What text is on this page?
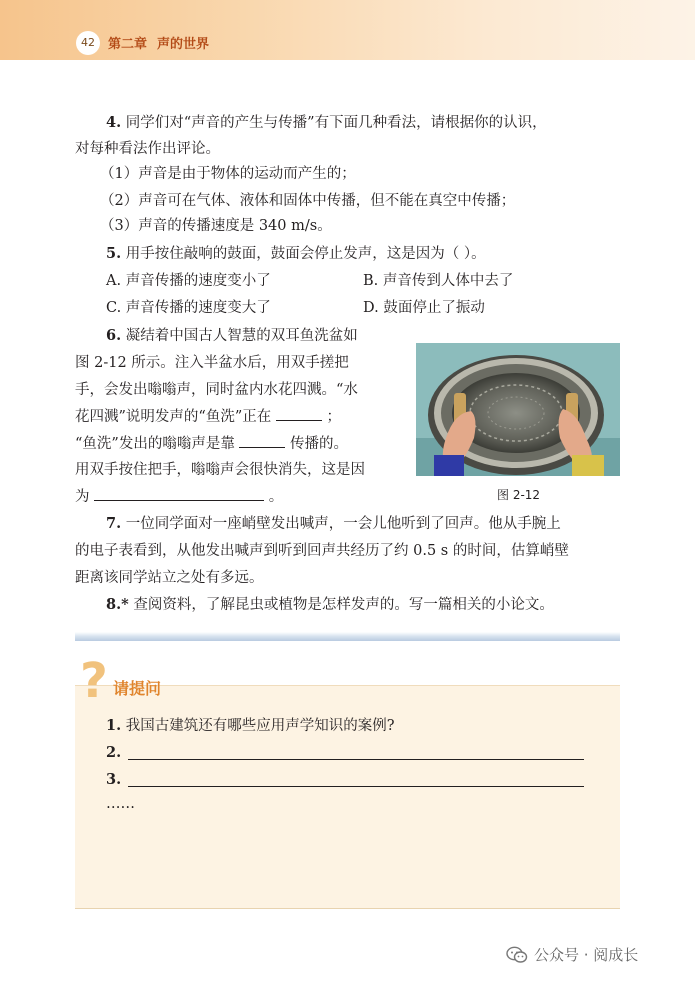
42	第二章 声的世界
4. 同学们对“声音的产生与传播”有下面几种看法，请根据你的认识，
对每种看法作出评论。
（1）声音是由于物体的运动而产生的；
（2）声音可在气体、液体和固体中传播，但不能在真空中传播；
（3）声音的传播速度是 340 m/s。
5. 用手按住敲响的鼓面，鼓面会停止发声，这是因为（ ）。
A. 声音传播的速度变小了	B. 声音传到人体中去了
C. 声音传播的速度变大了	D. 鼓面停止了振动
6. 凝结着中国古人智慧的双耳鱼洗盆如
图 2-12 所示。注入半盆水后，用双手搓把
手，会发出嗡嗡声，同时盆内水花四溅。“水
花四溅”说明发声的“鱼洗”正在	；
“鱼洗”发出的嗡嗡声是靠	传播的。
用双手按住把手，嗡嗡声会很快消失，这是因
为	。	图 2-12
7. 一位同学面对一座峭壁发出喊声，一会儿他听到了回声。他从手腕上
的电子表看到，从他发出喊声到听到回声共经历了约 0.5 s 的时间，估算峭壁
距离该同学站立之处有多远。
8.* 查阅资料，了解昆虫或植物是怎样发声的。写一篇相关的小论文。
? 请提问
1. 我国古建筑还有哪些应用声学知识的案例?
2.
3.
……
公众号 · 阅成长
